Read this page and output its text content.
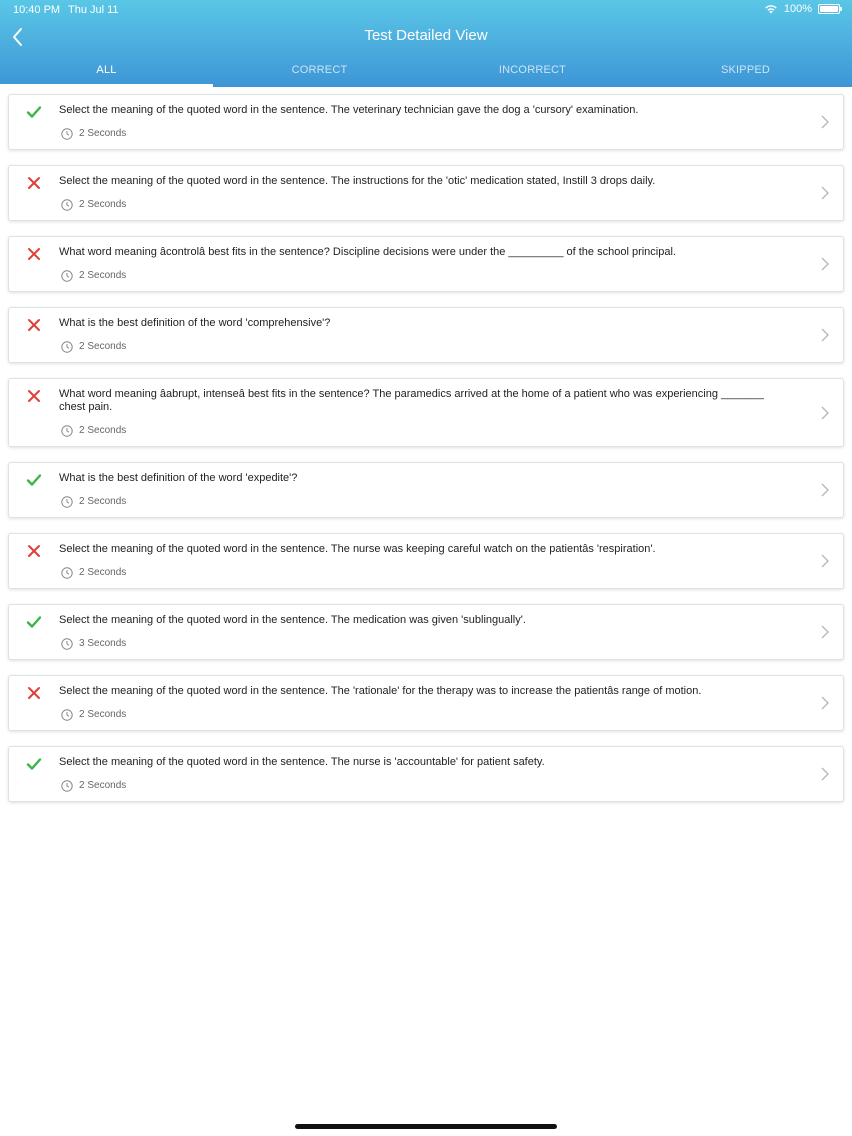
10:40 PM Thu Jul 11	100%
Test Detailed View
ALL	CORRECT	INCORRECT	SKIPPED
Select the meaning of the quoted word in the sentence. The veterinary technician gave the dog a 'cursory' examination.
2 Seconds
Select the meaning of the quoted word in the sentence. The instructions for the 'otic' medication stated, Instill 3 drops daily.
2 Seconds
What word meaning âcontrolâ best fits in the sentence? Discipline decisions were under the _________ of the school principal.
2 Seconds
What is the best definition of the word 'comprehensive'?
2 Seconds
What word meaning âabrupt, intenseâ best fits in the sentence? The paramedics arrived at the home of a patient who was experiencing _______ chest pain.
2 Seconds
What is the best definition of the word 'expedite'?
2 Seconds
Select the meaning of the quoted word in the sentence. The nurse was keeping careful watch on the patientâs 'respiration'.
2 Seconds
Select the meaning of the quoted word in the sentence. The medication was given 'sublingually'.
3 Seconds
Select the meaning of the quoted word in the sentence. The 'rationale' for the therapy was to increase the patientâs range of motion.
2 Seconds
Select the meaning of the quoted word in the sentence. The nurse is 'accountable' for patient safety.
2 Seconds
